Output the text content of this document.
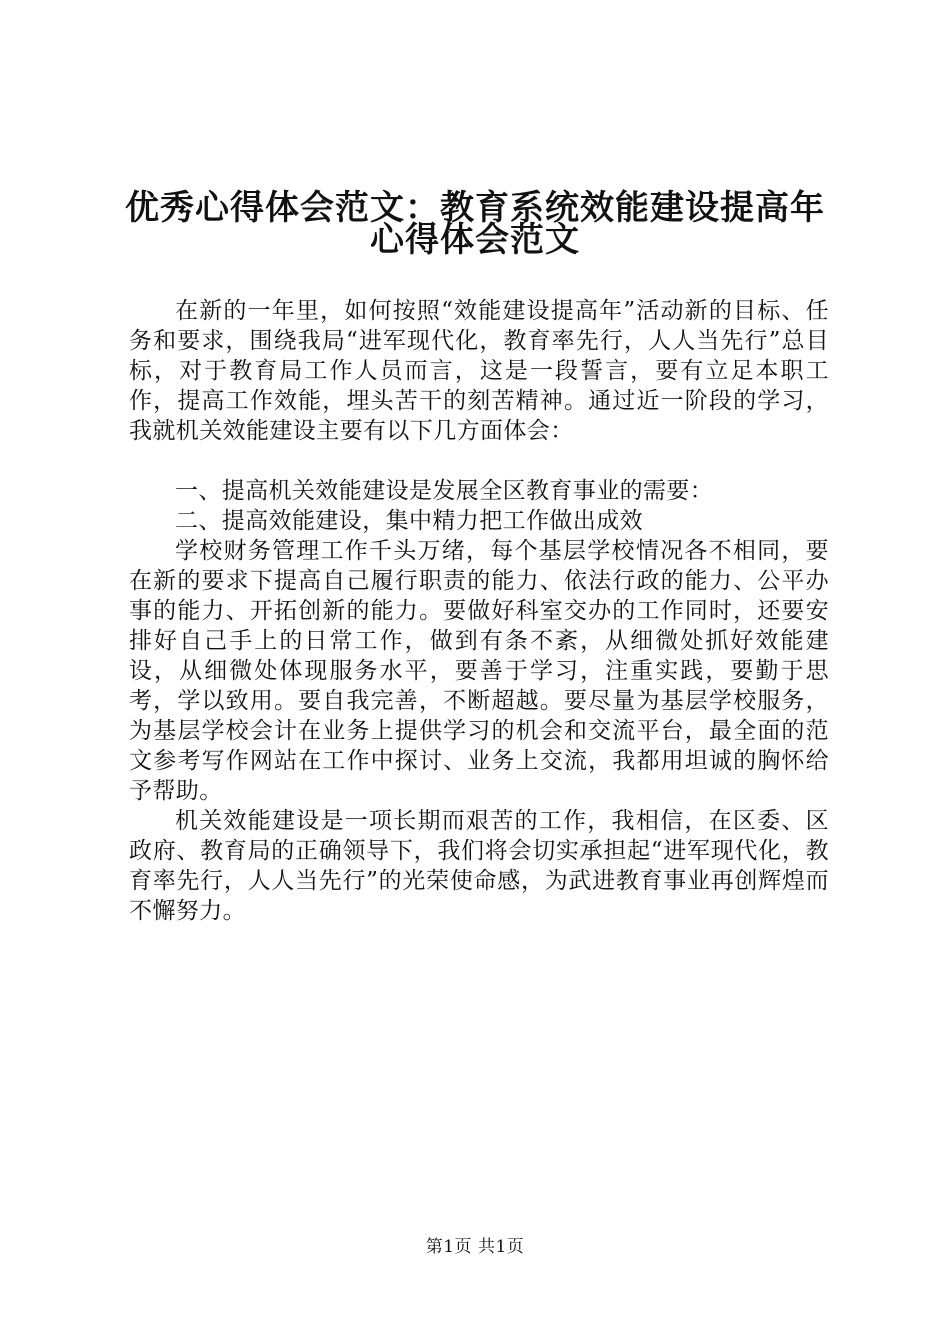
优秀心得体会范文：教育系统效能建设提高年
心得体会范文

在新的一年里，如何按照“效能建设提高年”活动新的目标、任务和要求，围绕我局“进军现代化，教育率先行，人人当先行”总目标，对于教育局工作人员而言，这是一段誓言，要有立足本职工作，提高工作效能，埋头苦干的刻苦精神。通过近一阶段的学习，我就机关效能建设主要有以下几方面体会：

一、提高机关效能建设是发展全区教育事业的需要：

二、提高效能建设，集中精力把工作做出成效

学校财务管理工作千头万绪，每个基层学校情况各不相同，要在新的要求下提高自己履行职责的能力、依法行政的能力、公平办事的能力、开拓创新的能力。要做好科室交办的工作同时，还要安排好自己手上的日常工作，做到有条不紊，从细微处抓好效能建设，从细微处体现服务水平，要善于学习，注重实践，要勤于思考，学以致用。要自我完善，不断超越。要尽量为基层学校服务，为基层学校会计在业务上提供学习的机会和交流平台，最全面的范文参考写作网站在工作中探讨、业务上交流，我都用坦诚的胸怀给予帮助。

机关效能建设是一项长期而艰苦的工作，我相信，在区委、区政府、教育局的正确领导下，我们将会切实承担起“进军现代化，教育率先行，人人当先行”的光荣使命感，为武进教育事业再创辉煌而不懈努力。

第1页 共1页
